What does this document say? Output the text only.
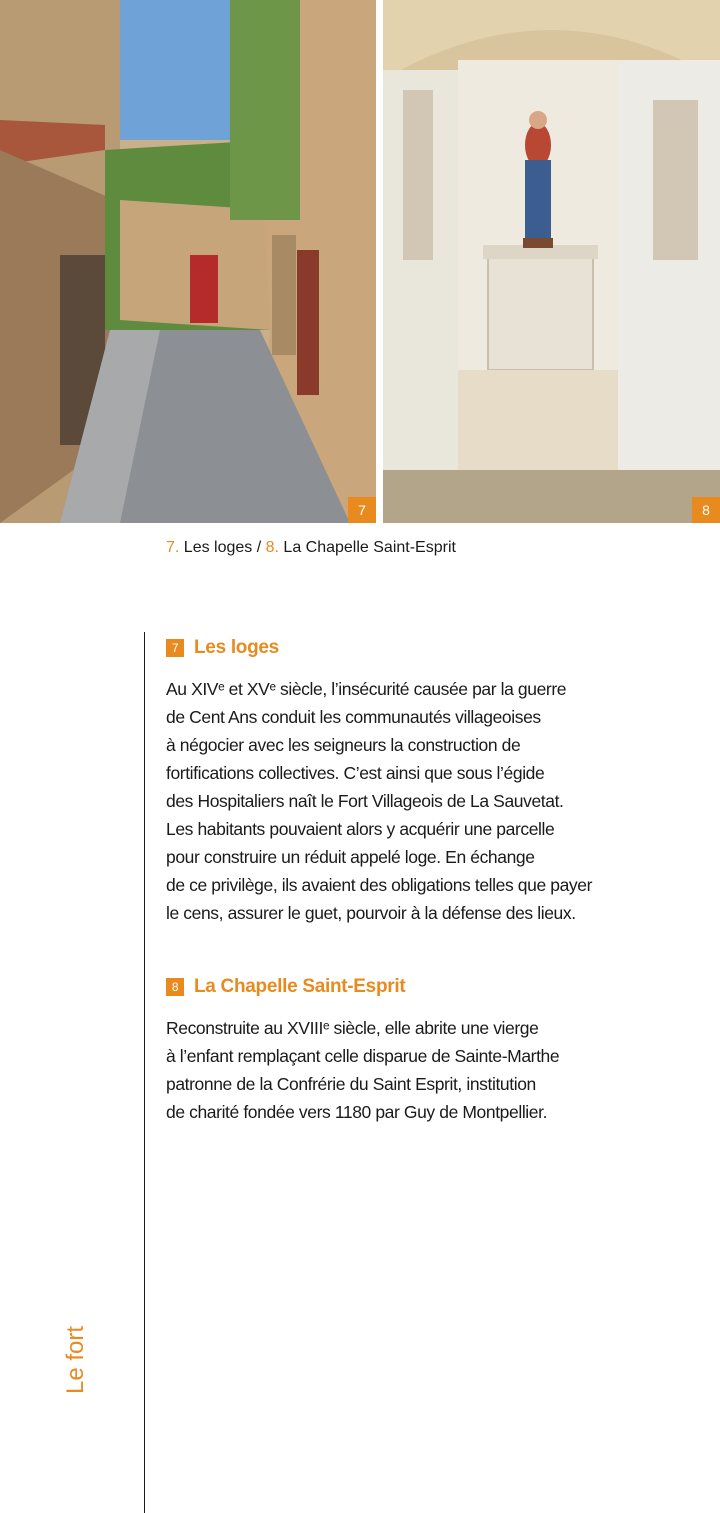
7	8
7. Les loges / 8. La Chapelle Saint-Esprit
Le fort
7 Les loges

Au XIVᵉ et XVᵉ siècle, l’insécurité causée par la guerre
de Cent Ans conduit les communautés villageoises
à négocier avec les seigneurs la construction de
fortifications collectives. C’est ainsi que sous l’égide
des Hospitaliers naît le Fort Villageois de La Sauvetat.
Les habitants pouvaient alors y acquérir une parcelle
pour construire un réduit appelé loge. En échange
de ce privilège, ils avaient des obligations telles que payer
le cens, assurer le guet, pourvoir à la défense des lieux.

8 La Chapelle Saint-Esprit

Reconstruite au XVIIIᵉ siècle, elle abrite une vierge
à l’enfant remplaçant celle disparue de Sainte-Marthe
patronne de la Confrérie du Saint Esprit, institution
de charité fondée vers 1180 par Guy de Montpellier.
